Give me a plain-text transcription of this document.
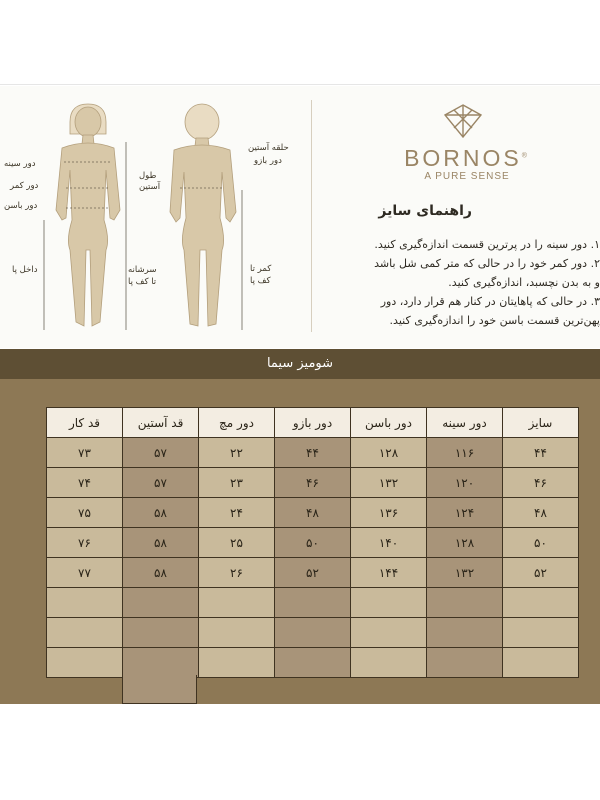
دور سینه
دور کمر
دور باسن
داخل پا	سرشانه
تا کف پا
حلقه آستین
دور بازو
طول
آستین
کمر تا
کف پا
BORNOS®
A PURE SENSE
راهنمای سایز
۱. دور سینه را در پرترین قسمت اندازه‌گیری کنید.
۲. دور کمر خود را در حالی که متر کمی شل باشد
و به بدن نچسبد، اندازه‌گیری کنید.
۳. در حالی که پاهایتان در کنار هم قرار دارد، دور
پهن‌ترین قسمت باسن خود را اندازه‌گیری کنید.
شومیز سیما
سایز	دور سینه	دور باسن	دور بازو	دور مچ	قد آستین	قد کار
۴۴	۱۱۶	۱۲۸	۴۴	۲۲	۵۷	۷۳
۴۶	۱۲۰	۱۳۲	۴۶	۲۳	۵۷	۷۴
۴۸	۱۲۴	۱۳۶	۴۸	۲۴	۵۸	۷۵
۵۰	۱۲۸	۱۴۰	۵۰	۲۵	۵۸	۷۶
۵۲	۱۳۲	۱۴۴	۵۲	۲۶	۵۸	۷۷
